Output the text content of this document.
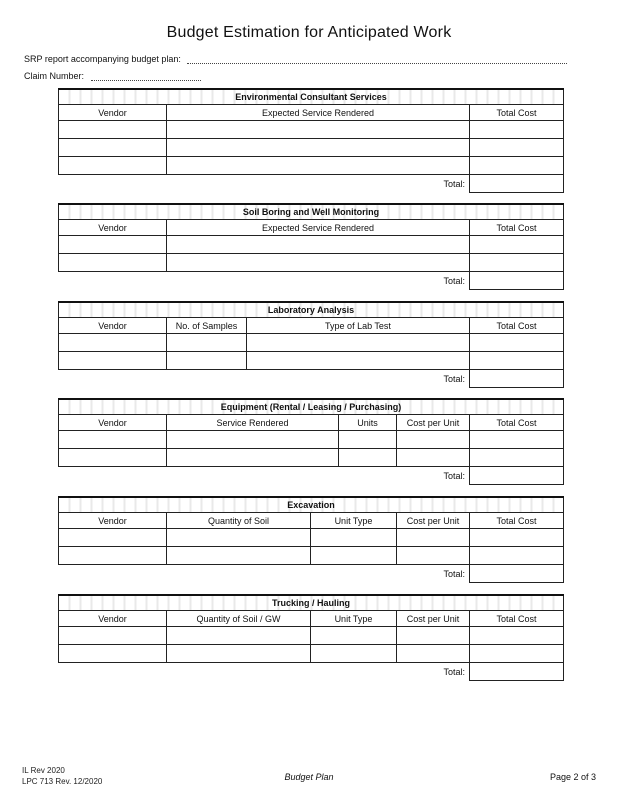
Budget Estimation for Anticipated Work
SRP report accompanying budget plan:
Claim Number:
Environmental Consultant Services		
Vendor	Expected Service Rendered	Total Cost

Total:		
Soil Boring and Well Monitoring		
Vendor	Expected Service Rendered	Total Cost

Total:		
Laboratory Analysis			
Vendor	No. of Samples	Type of Lab Test	Total Cost

Total:			
Equipment (Rental / Leasing / Purchasing)				
Vendor	Service Rendered	Units	Cost per Unit	Total Cost

Total:				
Excavation				
Vendor	Quantity of Soil	Unit Type	Cost per Unit	Total Cost

Total:				
Trucking / Hauling				
Vendor	Quantity of Soil / GW	Unit Type	Cost per Unit	Total Cost

Total:				
IL Rev 2020
LPC 713 Rev. 12/2020	Budget Plan	Page 2 of 3
